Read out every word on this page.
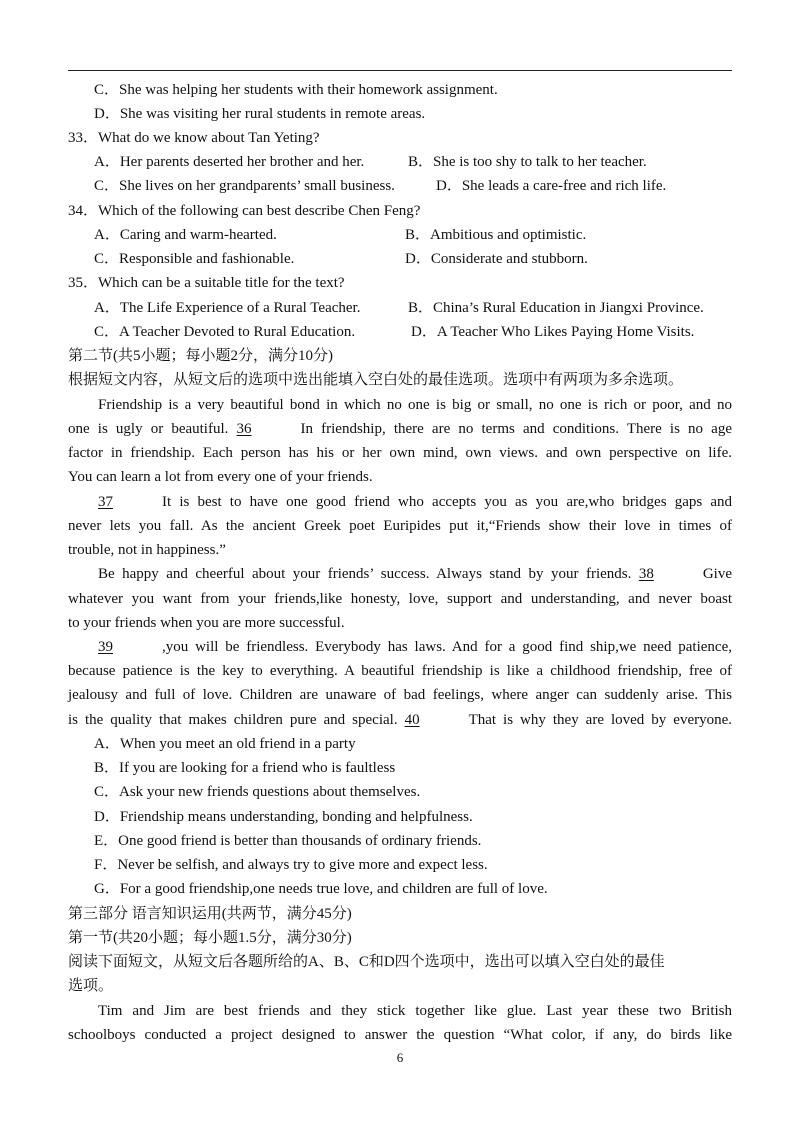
C．She was helping her students with their homework assignment.
D．She was visiting her rural students in remote areas.
33．What do we know about Tan Yeting?
A．Her parents deserted her brother and her.	B．She is too shy to talk to her teacher.
C．She lives on her grandparents’ small business.	D．She leads a care-free and rich life.
34．Which of the following can best describe Chen Feng?
A．Caring and warm-hearted.	B．Ambitious and optimistic.
C．Responsible and fashionable.	D．Considerate and stubborn.
35．Which can be a suitable title for the text?
A．The Life Experience of a Rural Teacher.	B．China’s Rural Education in Jiangxi Province.
C．A Teacher Devoted to Rural Education.	D．A Teacher Who Likes Paying Home Visits.
第二节(共5小题；每小题2分，满分10分)
根据短文内容，从短文后的选项中选出能填入空白处的最佳选项。选项中有两项为多余选项。
Friendship is a very beautiful bond in which no one is big or small, no one is rich or poor, and no
one is ugly or beautiful. 36	In friendship, there are no terms and conditions. There is no age
factor in friendship. Each person has his or her own mind, own views. and own perspective on life.
You can learn a lot from every one of your friends.
37	It is best to have one good friend who accepts you as you are,who bridges gaps and
never lets you fall. As the ancient Greek poet Euripides put it,“Friends show their love in times of
trouble, not in happiness.”
Be happy and cheerful about your friends’ success. Always stand by your friends. 38	Give
whatever you want from your friends,like honesty, love, support and understanding, and never boast
to your friends when you are more successful.
39	,you will be friendless. Everybody has laws. And for a good find ship,we need patience,
because patience is the key to everything. A beautiful friendship is like a childhood friendship, free of
jealousy and full of love. Children are unaware of bad feelings, where anger can suddenly arise. This
is the quality that makes children pure and special. 40	That is why they are loved by everyone.
A．When you meet an old friend in a party
B．If you are looking for a friend who is faultless
C．Ask your new friends questions about themselves.
D．Friendship means understanding, bonding and helpfulness.
E．One good friend is better than thousands of ordinary friends.
F．Never be selfish, and always try to give more and expect less.
G．For a good friendship,one needs true love, and children are full of love.
第三部分 语言知识运用(共两节，满分45分)
第一节(共20小题；每小题1.5分，满分30分)
阅读下面短文，从短文后各题所给的A、B、C和D四个选项中，选出可以填入空白处的最佳
选项。
Tim and Jim are best friends and they stick together like glue. Last year these two British
schoolboys conducted a project designed to answer the question “What color, if any, do birds like
6
